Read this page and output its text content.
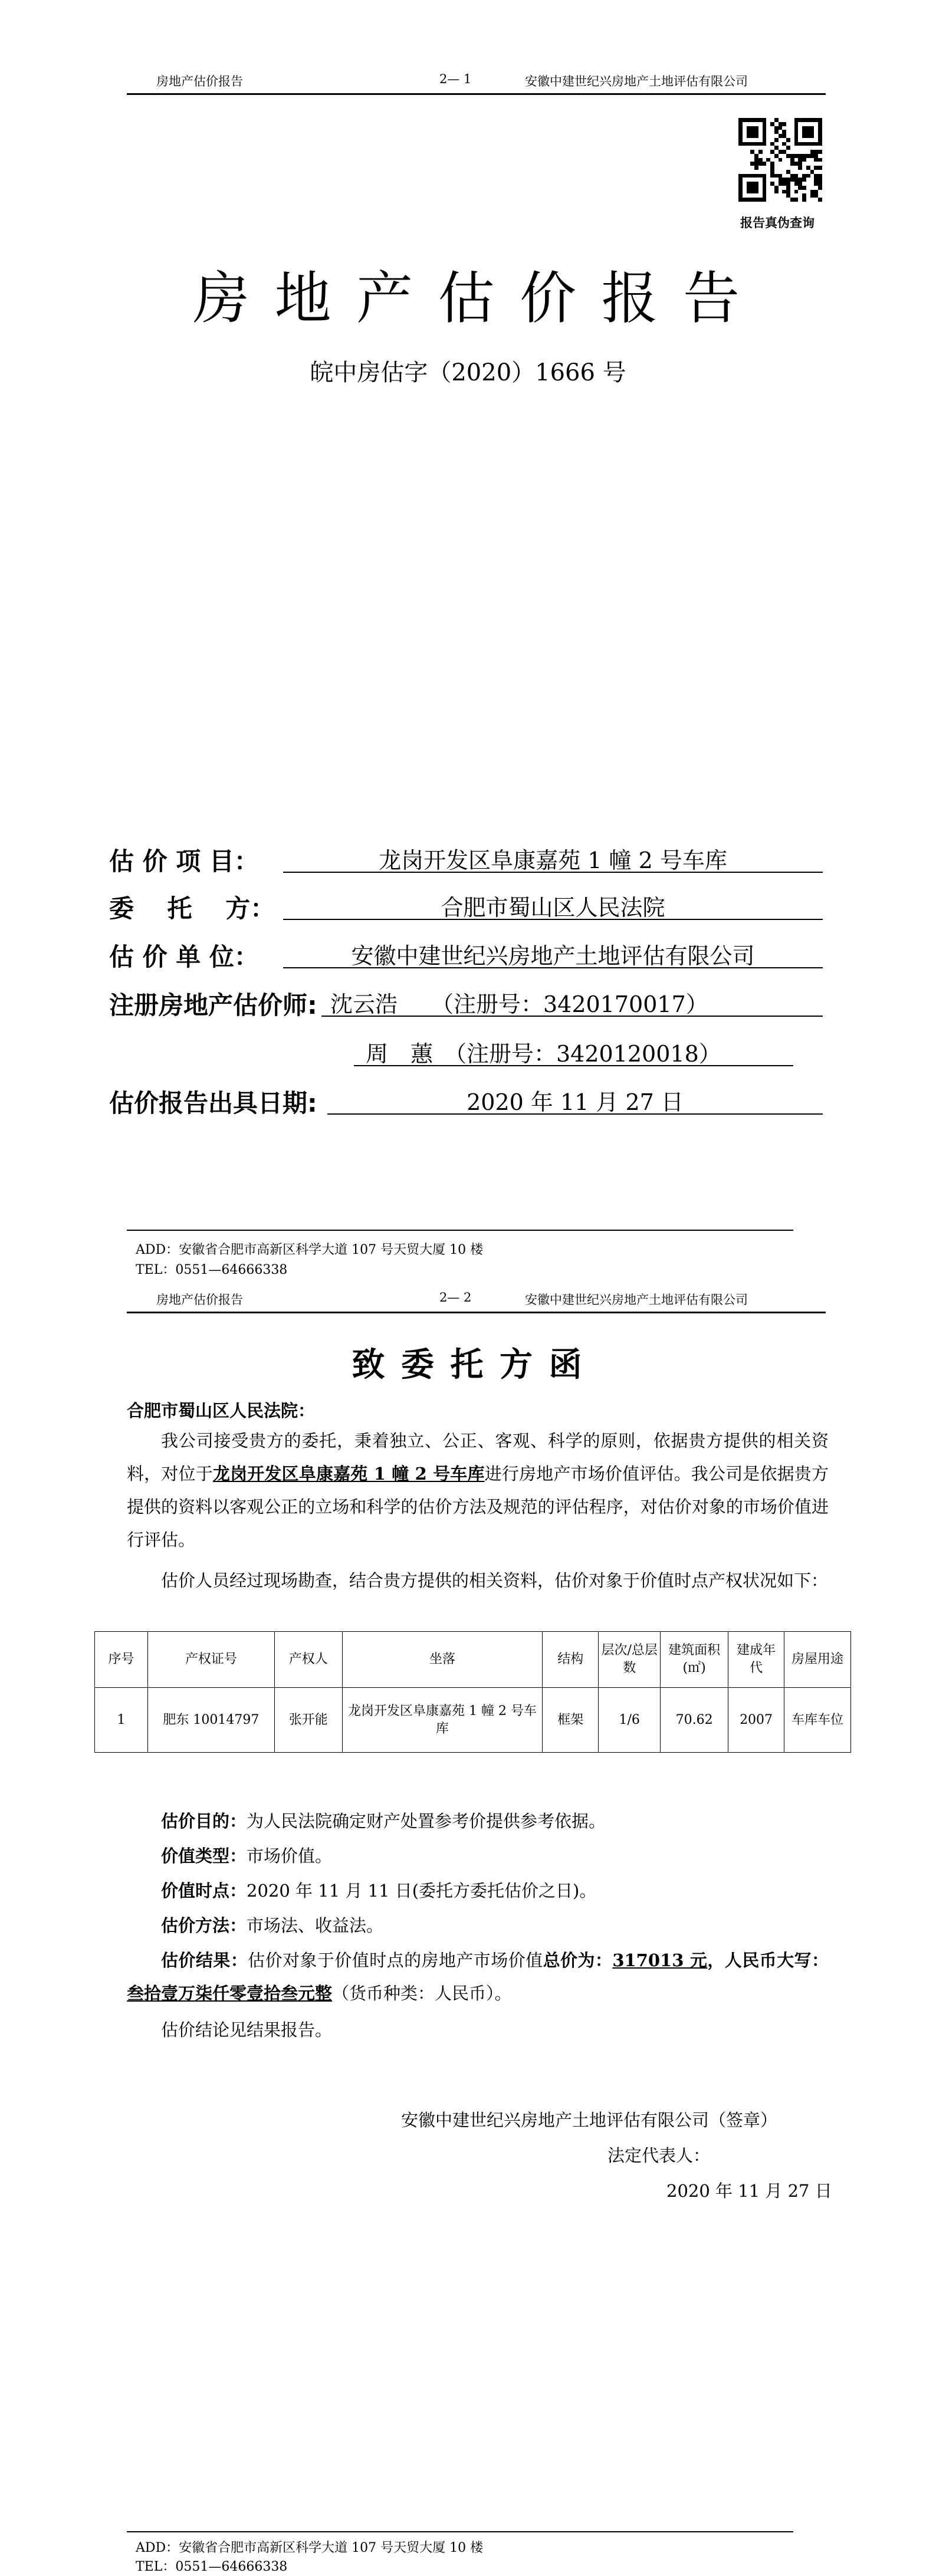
房地产估价报告	2— 1	安徽中建世纪兴房地产土地评估有限公司
报告真伪查询
房 地 产 估 价 报 告
皖中房估字（2020）1666 号
估 价 项 目：	龙岗开发区阜康嘉苑 1 幢 2 号车库
委　 托　 方：	合肥市蜀山区人民法院
估 价 单 位：	安徽中建世纪兴房地产土地评估有限公司
注册房地产估价师: 沈云浩　　（注册号：3420170017）
周　蕙　（注册号：3420120018）
估价报告出具日期:	2020 年 11 月 27 日
ADD：安徽省合肥市高新区科学大道 107 号天贸大厦 10 楼
TEL：0551—64666338
房地产估价报告	2— 2	安徽中建世纪兴房地产土地评估有限公司
致 委 托 方 函
合肥市蜀山区人民法院：
我公司接受贵方的委托，秉着独立、公正、客观、科学的原则，依据贵方提供的相关资料，对位于龙岗开发区阜康嘉苑 1 幢 2 号车库进行房地产市场价值评估。我公司是依据贵方提供的资料以客观公正的立场和科学的估价方法及规范的评估程序，对估价对象的市场价值进行评估。
估价人员经过现场勘查，结合贵方提供的相关资料，估价对象于价值时点产权状况如下：
序号	产权证号	产权人	坐落	结构	层次/总层数	建筑面积(㎡)	建成年代	房屋用途
1	肥东 10014797	张开能	龙岗开发区阜康嘉苑 1 幢 2 号车库	框架	1/6	70.62	2007	车库车位
估价目的：为人民法院确定财产处置参考价提供参考依据。
价值类型：市场价值。
价值时点：2020 年 11 月 11 日(委托方委托估价之日)。
估价方法：市场法、收益法。
估价结果：估价对象于价值时点的房地产市场价值总价为：317013 元，人民币大写：叁拾壹万柒仟零壹拾叁元整（货币种类：人民币）。
估价结论见结果报告。
安徽中建世纪兴房地产土地评估有限公司（签章）
法定代表人：
2020 年 11 月 27 日
ADD：安徽省合肥市高新区科学大道 107 号天贸大厦 10 楼
TEL：0551—64666338
